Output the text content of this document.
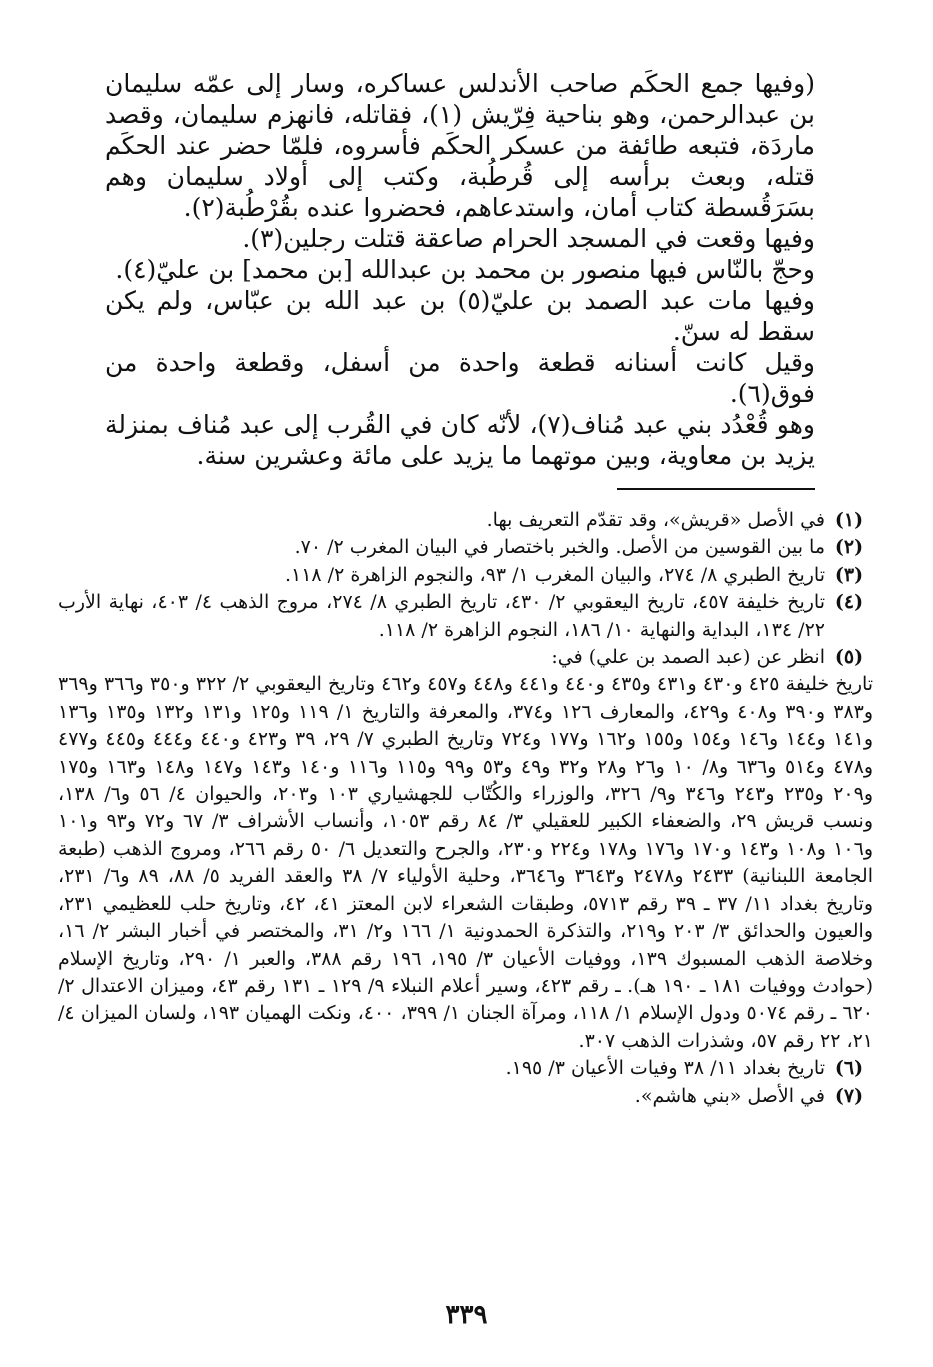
(وفيها جمع الحكَم صاحب الأندلس عساكره، وسار إلى عمّه سليمان بن عبدالرحمن، وهو بناحية فِرّيش (١)، فقاتله، فانهزم سليمان، وقصد ماردَة، فتبعه طائفة من عسكر الحكَم فأسروه، فلمّا حضر عند الحكَم قتله، وبعث برأسه إلى قُرطُبة، وكتب إلى أولاد سليمان وهم بسَرَقُسطة كتاب أمان، واستدعاهم، فحضروا عنده بقُرْطُبة(٢).

وفيها وقعت في المسجد الحرام صاعقة قتلت رجلين(٣).

وحجّ بالنّاس فيها منصور بن محمد بن عبدالله [بن محمد] بن عليّ(٤).

وفيها مات عبد الصمد بن عليّ(٥) بن عبد الله بن عبّاس، ولم يكن سقط له سنّ.

وقيل كانت أسنانه قطعة واحدة من أسفل، وقطعة واحدة من فوق(٦).

وهو قُعْدُد بني عبد مُناف(٧)، لأنّه كان في القُرب إلى عبد مُناف بمنزلة يزيد بن معاوية، وبين موتهما ما يزيد على مائة وعشرين سنة.

(١)
في الأصل «قريش»، وقد تقدّم التعريف بها.
(٢)
ما بين القوسين من الأصل. والخبر باختصار في البيان المغرب ٢/ ٧٠.
(٣)
تاريخ الطبري ٨/ ٢٧٤، والبيان المغرب ١/ ٩٣، والنجوم الزاهرة ٢/ ١١٨.
(٤)
تاريخ خليفة ٤٥٧، تاريخ اليعقوبي ٢/ ٤٣٠، تاريخ الطبري ٨/ ٢٧٤، مروج الذهب ٤/ ٤٠٣، نهاية الأرب ٢٢/ ١٣٤، البداية والنهاية ١٠/ ١٨٦، النجوم الزاهرة ٢/ ١١٨.
(٥)
انظر عن (عبد الصمد بن علي) في:
تاريخ خليفة ٤٢٥ و٤٣٠ و٤٣١ و٤٣٥ و٤٤٠ و٤٤١ و٤٤٨ و٤٥٧ و٤٦٢ وتاريخ اليعقوبي ٢/ ٣٢٢ و٣٥٠ و٣٦٦ و٣٦٩ و٣٨٣ و٣٩٠ و٤٠٨ و٤٢٩، والمعارف ١٢٦ و٣٧٤، والمعرفة والتاريخ ١/ ١١٩ و١٢٥ و١٣١ و١٣٢ و١٣٥ و١٣٦ و١٤١ و١٤٤ و١٤٦ و١٥٤ و١٥٥ و١٦٢ و١٧٧ و٧٢٤ وتاريخ الطبري ٧/ ٢٩، ٣٩ و٤٢٣ و٤٤٠ و٤٤٤ و٤٤٥ و٤٧٧ و٤٧٨ و٥١٤ و٦٣٦ و٨/ ١٠ و٢٦ و٢٨ و٣٢ و٤٩ و٥٣ و٩٩ و١١٥ و١١٦ و١٤٠ و١٤٣ و١٤٧ و١٤٨ و١٦٣ و١٧٥ و٢٠٩ و٢٣٥ و٢٤٣ و٣٤٦ و٩/ ٣٢٦، والوزراء والكُتّاب للجهشياري ١٠٣ و٢٠٣، والحيوان ٤/ ٥٦ و٦/ ١٣٨، ونسب قريش ٢٩، والضعفاء الكبير للعقيلي ٣/ ٨٤ رقم ١٠٥٣، وأنساب الأشراف ٣/ ٦٧ و٧٢ و٩٣ و١٠١ و١٠٦ و١٠٨ و١٤٣ و١٧٠ و١٧٦ و١٧٨ و٢٢٤ و٢٣٠، والجرح والتعديل ٦/ ٥٠ رقم ٢٦٦، ومروج الذهب (طبعة الجامعة اللبنانية) ٢٤٣٣ و٢٤٧٨ و٣٦٤٣ و٣٦٤٦، وحلية الأولياء ٧/ ٣٨ والعقد الفريد ٥/ ٨٨، ٨٩ و٦/ ٢٣١، وتاريخ بغداد ١١/ ٣٧ ـ ٣٩ رقم ٥٧١٣، وطبقات الشعراء لابن المعتز ٤١، ٤٢، وتاريخ حلب للعظيمي ٢٣١، والعيون والحدائق ٣/ ٢٠٣ و٢١٩، والتذكرة الحمدونية ١/ ١٦٦ و٢/ ٣١، والمختصر في أخبار البشر ٢/ ١٦، وخلاصة الذهب المسبوك ١٣٩، ووفيات الأعيان ٣/ ١٩٥، ١٩٦ رقم ٣٨٨، والعبر ١/ ٢٩٠، وتاريخ الإسلام (حوادث ووفيات ١٨١ ـ ١٩٠ هـ). ـ رقم ٤٢٣، وسير أعلام النبلاء ٩/ ١٢٩ ـ ١٣١ رقم ٤٣، وميزان الاعتدال ٢/ ٦٢٠ ـ رقم ٥٠٧٤ ودول الإسلام ١/ ١١٨، ومرآة الجنان ١/ ٣٩٩، ٤٠٠، ونكت الهميان ١٩٣، ولسان الميزان ٤/ ٢١، ٢٢ رقم ٥٧، وشذرات الذهب ٣٠٧.
(٦)
تاريخ بغداد ١١/ ٣٨ وفيات الأعيان ٣/ ١٩٥.
(٧)
في الأصل «بني هاشم».
٣٣٩
